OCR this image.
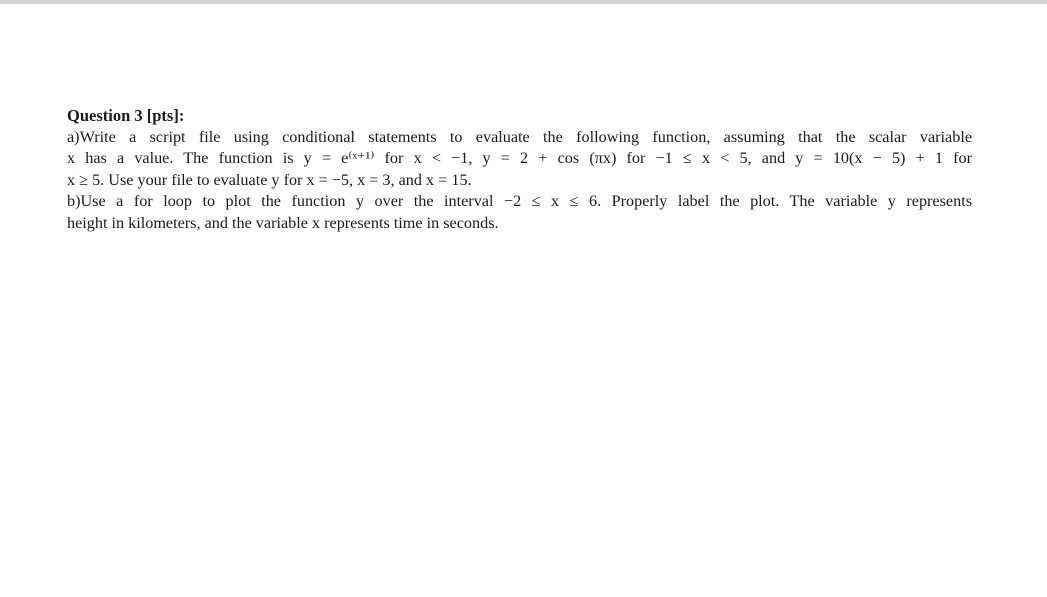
Question 3 [pts]:

a)Write a script file using conditional statements to evaluate the following function, assuming that the scalar variable
x has a value. The function is y = e⁽ˣ⁺¹⁾ for x < −1, y = 2 + cos (πx) for −1 ≤ x < 5, and y = 10(x − 5) + 1 for
x ≥ 5. Use your file to evaluate y for x = −5, x = 3, and x = 15.
b)Use a for loop to plot the function y over the interval −2 ≤ x ≤ 6. Properly label the plot. The variable y represents
height in kilometers, and the variable x represents time in seconds.
